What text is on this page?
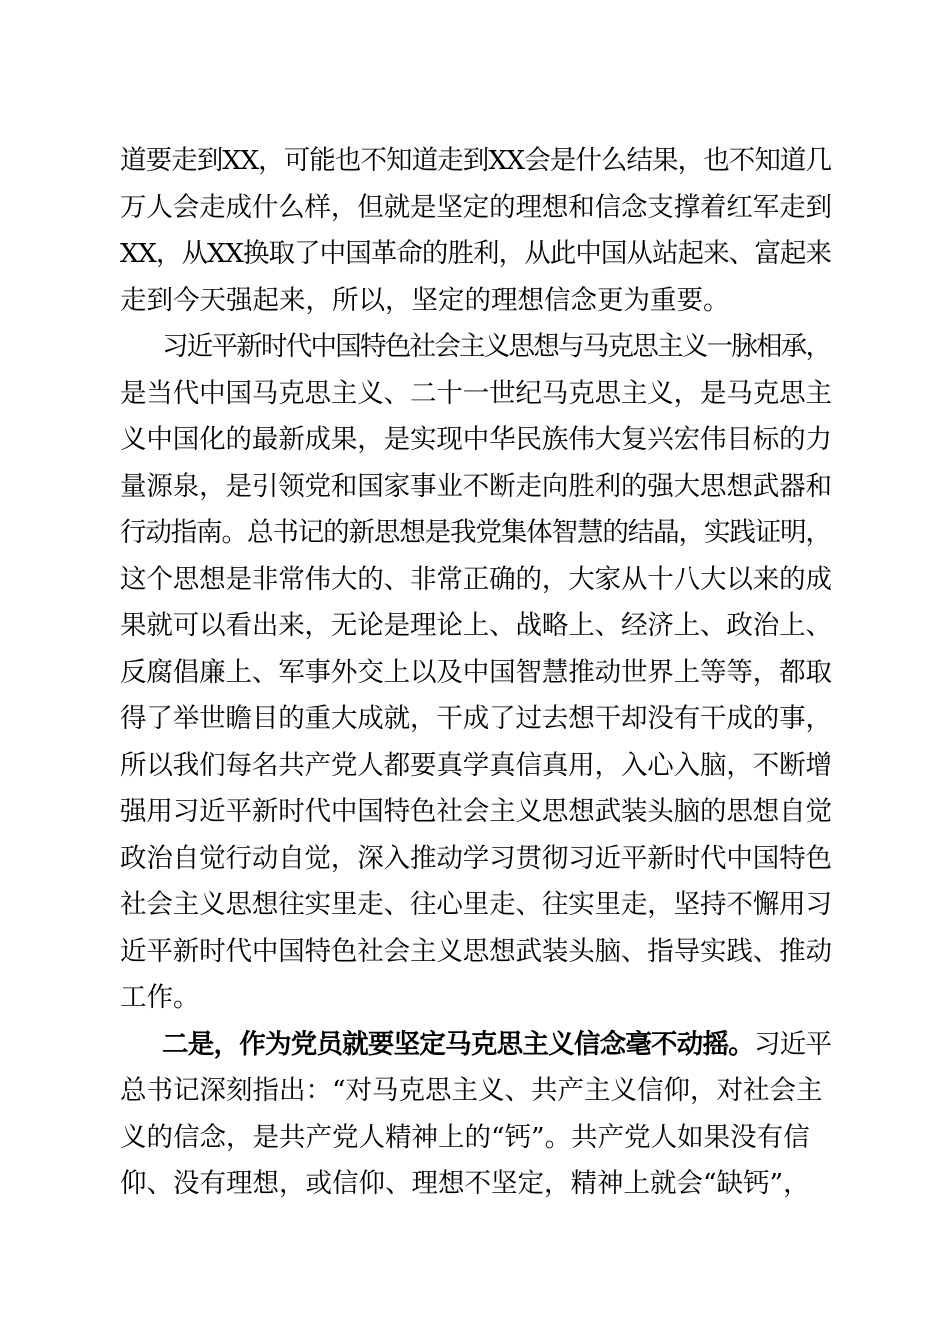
道要走到XX，可能也不知道走到XX会是什么结果，也不知道几
万人会走成什么样，但就是坚定的理想和信念支撑着红军走到
XX，从XX换取了中国革命的胜利，从此中国从站起来、富起来
走到今天强起来，所以，坚定的理想信念更为重要。

习近平新时代中国特色社会主义思想与马克思主义一脉相承，
是当代中国马克思主义、二十一世纪马克思主义，是马克思主
义中国化的最新成果，是实现中华民族伟大复兴宏伟目标的力
量源泉，是引领党和国家事业不断走向胜利的强大思想武器和
行动指南。总书记的新思想是我党集体智慧的结晶，实践证明，
这个思想是非常伟大的、非常正确的，大家从十八大以来的成
果就可以看出来，无论是理论上、战略上、经济上、政治上、
反腐倡廉上、军事外交上以及中国智慧推动世界上等等，都取
得了举世瞻目的重大成就，干成了过去想干却没有干成的事，
所以我们每名共产党人都要真学真信真用，入心入脑，不断增
强用习近平新时代中国特色社会主义思想武装头脑的思想自觉
政治自觉行动自觉，深入推动学习贯彻习近平新时代中国特色
社会主义思想往实里走、往心里走、往实里走，坚持不懈用习
近平新时代中国特色社会主义思想武装头脑、指导实践、推动
工作。

二是，作为党员就要坚定马克思主义信念毫不动摇。习近平
总书记深刻指出：“对马克思主义、共产主义信仰，对社会主
义的信念，是共产党人精神上的“钙”。共产党人如果没有信
仰、没有理想，或信仰、理想不坚定，精神上就会“缺钙”，
